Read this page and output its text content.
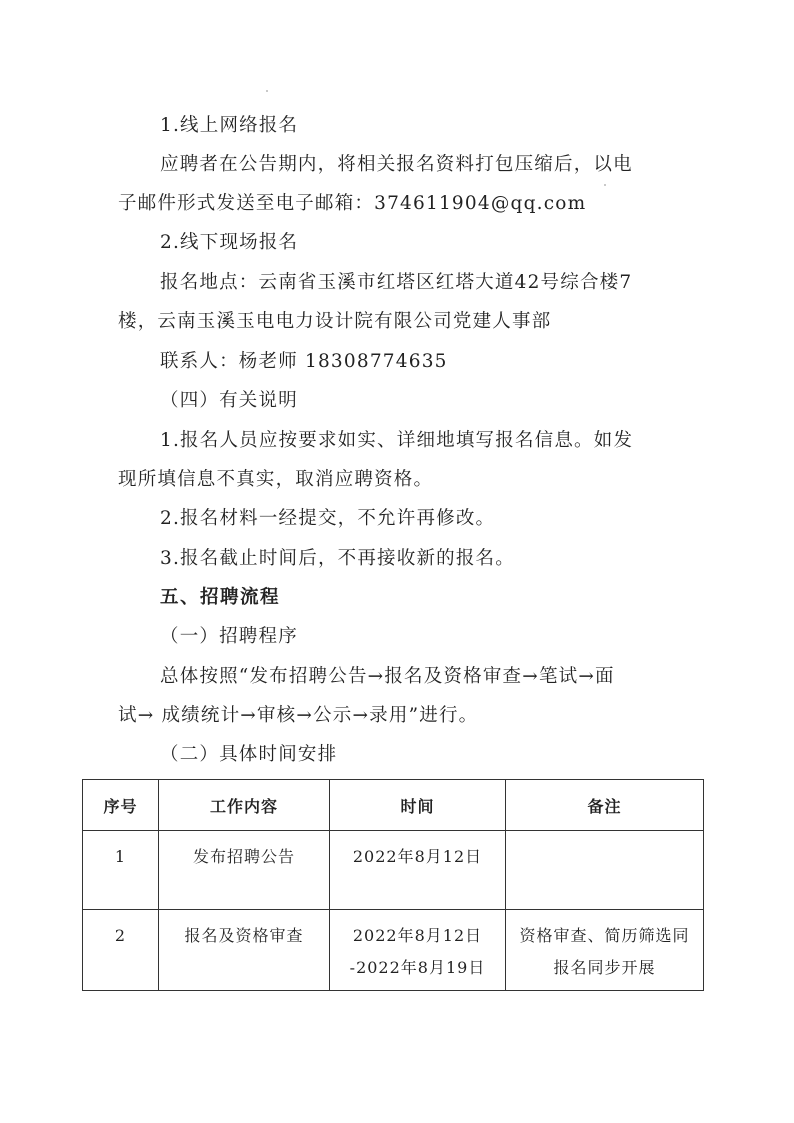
1.线上网络报名
应聘者在公告期内，将相关报名资料打包压缩后，以电
子邮件形式发送至电子邮箱：374611904@qq.com
2.线下现场报名
报名地点：云南省玉溪市红塔区红塔大道42号综合楼7
楼，云南玉溪玉电电力设计院有限公司党建人事部
联系人：杨老师 18308774635
（四）有关说明
1.报名人员应按要求如实、详细地填写报名信息。如发
现所填信息不真实，取消应聘资格。
2.报名材料一经提交，不允许再修改。
3.报名截止时间后，不再接收新的报名。
五、招聘流程
（一）招聘程序
总体按照“发布招聘公告→报名及资格审查→笔试→面
试→ 成绩统计→审核→公示→录用”进行。
（二）具体时间安排
序号	工作内容	时间	备注

1	发布招聘公告	2022年8月12日	

2	报名及资格审查	2022年8月12日
-2022年8月19日	资格审查、简历筛选同
报名同步开展
